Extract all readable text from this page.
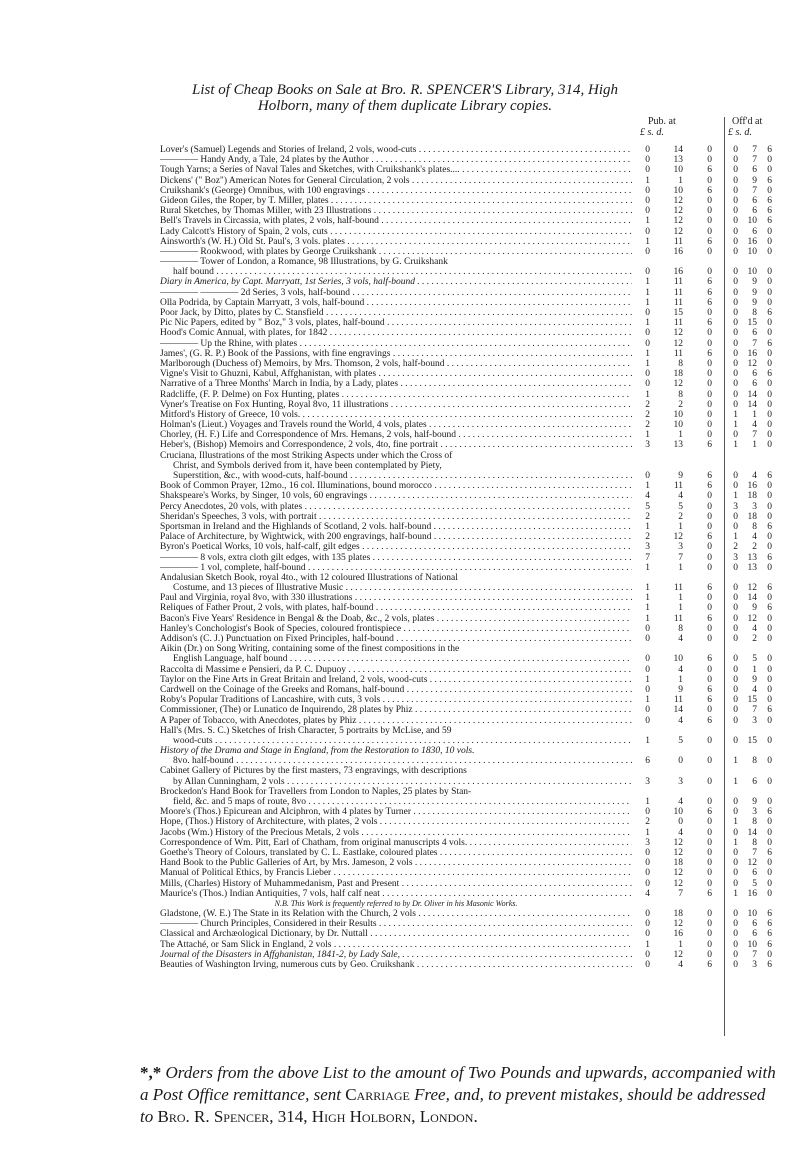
List of Cheap Books on Sale at Bro. R. SPENCER'S Library, 314, High
Holborn, many of them duplicate Library copies.
Pub. at	Off'd at
£ s. d.	£ s. d.
Lover's (Samuel) Legends and Stories of Ireland, 2 vols, wood-cuts . . .	0	14	0	0	7	6
———— Handy Andy, a Tale, 24 plates by the Author . . .	0	13	0	0	7	0
Tough Yarns; a Series of Naval Tales and Sketches, with Cruikshank's plates.... . . .	0	10	6	0	6	0
Dickens' (" Boz") American Notes for General Circulation, 2 vols . . .	1	1	0	0	9	6
Cruikshank's (George) Omnibus, with 100 engravings . . .	0	10	6	0	7	0
Gideon Giles, the Roper, by T. Miller, plates . . .	0	12	0	0	6	6
Rural Sketches, by Thomas Miller, with 23 Illustrations . . .	0	12	0	0	6	6
Bell's Travels in Circassia, with plates, 2 vols, half-bound . . .	1	12	0	0	10	6
Lady Calcott's History of Spain, 2 vols, cuts . . .	0	12	0	0	6	0
Ainsworth's (W. H.) Old St. Paul's, 3 vols. plates . . .	1	11	6	0	16	0
———— Rookwood, with plates by George Cruikshank . . .	0	16	0	0	10	0
———— Tower of London, a Romance, 98 Illustrations, by G. Cruikshank
half bound . . .	0	16	0	0	10	0
Diary in America, by Capt. Marryatt, 1st Series, 3 vols, half-bound . . .	1	11	6	0	9	0
———— ———— 2d Series, 3 vols, half-bound . . .	1	11	6	0	9	0
Olla Podrida, by Captain Marryatt, 3 vols, half-bound . . .	1	11	6	0	9	0
Poor Jack, by Ditto, plates by C. Stansfield . . .	0	15	0	0	8	6
Pic Nic Papers, edited by " Boz," 3 vols, plates, half-bound . . .	1	11	6	0	15	0
Hood's Comic Annual, with plates, for 1842 . . .	0	12	0	0	6	0
———— Up the Rhine, with plates . . .	0	12	0	0	7	6
James', (G. R. P.) Book of the Passions, with fine engravings . . .	1	11	6	0	16	0
Marlborough (Duchess of) Memoirs, by Mrs. Thomson, 2 vols, half-bound . . .	1	8	0	0	12	0
Vigne's Visit to Ghuzni, Kabul, Affghanistan, with plates . . .	0	18	0	0	6	6
Narrative of a Three Months' March in India, by a Lady, plates . . .	0	12	0	0	6	0
Radcliffe, (F. P. Delme) on Fox Hunting, plates . . .	1	8	0	0	14	0
Vyner's Treatise on Fox Hunting, Royal 8vo, 11 illustrations . . .	2	2	0	0	14	0
Mitford's History of Greece, 10 vols. . . .	2	10	0	1	1	0
Holman's (Lieut.) Voyages and Travels round the World, 4 vols, plates . . .	2	10	0	1	4	0
Chorley, (H. F.) Life and Correspondence of Mrs. Hemans, 2 vols, half-bound . . .	1	1	0	0	7	0
Heber's, (Bishop) Memoirs and Correspondence, 2 vols, 4to, fine portrait . . .	3	13	6	1	1	0
Cruciana, Illustrations of the most Striking Aspects under which the Cross of
Christ, and Symbols derived from it, have been contemplated by Piety,
Superstition, &c., with wood-cuts, half-bound . . .	0	9	6	0	4	6
Book of Common Prayer, 12mo., 16 col. Illuminations, bound morocco . . .	1	11	6	0	16	0
Shakspeare's Works, by Singer, 10 vols, 60 engravings . . .	4	4	0	1	18	0
Percy Anecdotes, 20 vols, with plates . . .	5	5	0	3	3	0
Sheridan's Speeches, 3 vols, with portrait . . .	2	2	0	0	18	0
Sportsman in Ireland and the Highlands of Scotland, 2 vols. half-bound . . .	1	1	0	0	8	6
Palace of Architecture, by Wightwick, with 200 engravings, half-bound . . .	2	12	6	1	4	0
Byron's Poetical Works, 10 vols, half-calf, gilt edges . . .	3	3	0	2	2	0
———— 8 vols, extra cloth gilt edges, with 135 plates . . .	7	7	0	3	13	6
———— 1 vol, complete, half-bound . . .	1	1	0	0	13	0
Andalusian Sketch Book, royal 4to., with 12 coloured Illustrations of National
Costume, and 13 pieces of Illustrative Music . . .	1	11	6	0	12	6
Paul and Virginia, royal 8vo, with 330 illustrations . . .	1	1	0	0	14	0
Reliques of Father Prout, 2 vols, with plates, half-bound . . .	1	1	0	0	9	6
Bacon's Five Years' Residence in Bengal & the Doab, &c., 2 vols, plates . . .	1	11	6	0	12	0
Hanley's Conchologist's Book of Species, coloured frontispiece . . .	0	8	0	0	4	0
Addison's (C. J.) Punctuation on Fixed Principles, half-bound . . .	0	4	0	0	2	0
Aikin (Dr.) on Song Writing, containing some of the finest compositions in the
English Language, half bound . . .	0	10	6	0	5	0
Raccolta di Massime e Pensieri, da P. C. Dupuoy . . .	0	4	0	0	1	0
Taylor on the Fine Arts in Great Britain and Ireland, 2 vols, wood-cuts . . .	1	1	0	0	9	0
Cardwell on the Coinage of the Greeks and Romans, half-bound . . .	0	9	6	0	4	0
Roby's Popular Traditions of Lancashire, with cuts, 3 vols . . .	1	11	6	0	15	0
Commissioner, (The) or Lunatico de Inquirendo, 28 plates by Phiz . . .	0	14	0	0	7	6
A Paper of Tobacco, with Anecdotes, plates by Phiz . . .	0	4	6	0	3	0
Hall's (Mrs. S. C.) Sketches of Irish Character, 5 portraits by McLise, and 59
wood-cuts . . .	1	5	0	0	15	0
History of the Drama and Stage in England, from the Restoration to 1830, 10 vols.
8vo. half-bound . . .	6	0	0	1	8	0
Cabinet Gallery of Pictures by the first masters, 73 engravings, with descriptions
by Allan Cunningham, 2 vols . . .	3	3	0	1	6	0
Brockedon's Hand Book for Travellers from London to Naples, 25 plates by Stan-
field, &c. and 5 maps of route, 8vo . . .	1	4	0	0	9	0
Moore's (Thos.) Epicurean and Alciphron, with 4 plates by Turner . . .	0	10	6	0	3	6
Hope, (Thos.) History of Architecture, with plates, 2 vols . . .	2	0	0	1	8	0
Jacobs (Wm.) History of the Precious Metals, 2 vols . . .	1	4	0	0	14	0
Correspondence of Wm. Pitt, Earl of Chatham, from original manuscripts 4 vols. . . .	3	12	0	1	8	0
Goethe's Theory of Colours, translated by C. L. Eastlake, coloured plates . . .	0	12	0	0	7	6
Hand Book to the Public Galleries of Art, by Mrs. Jameson, 2 vols . . .	0	18	0	0	12	0
Manual of Political Ethics, by Francis Lieber . . .	0	12	0	0	6	0
Mills, (Charles) History of Muhammedanism, Past and Present . . .	0	12	0	0	5	0
Maurice's (Thos.) Indian Antiquities, 7 vols, half calf neat . . .	4	7	6	1	16	0
N.B. This Work is frequently referred to by Dr. Oliver in his Masonic Works.
Gladstone, (W. E.) The State in its Relation with the Church, 2 vols . . .	0	18	0	0	10	6
———— Church Principles, Considered in their Results . . .	0	12	0	0	6	6
Classical and Archæological Dictionary, by Dr. Nuttall . . .	0	16	0	0	6	6
The Attaché, or Sam Slick in England, 2 vols . . .	1	1	0	0	10	6
Journal of the Disasters in Affghanistan, 1841-2, by Lady Sale, . . .	0	12	0	0	7	0
Beauties of Washington Irving, numerous cuts by Geo. Cruikshank . . .	0	4	6	0	3	6
*,* Orders from the above List to the amount of Two Pounds and upwards, accompanied with a Post Office remittance, sent Carriage Free, and, to prevent mistakes, should be addressed to Bro. R. Spencer, 314, High Holborn, London.
